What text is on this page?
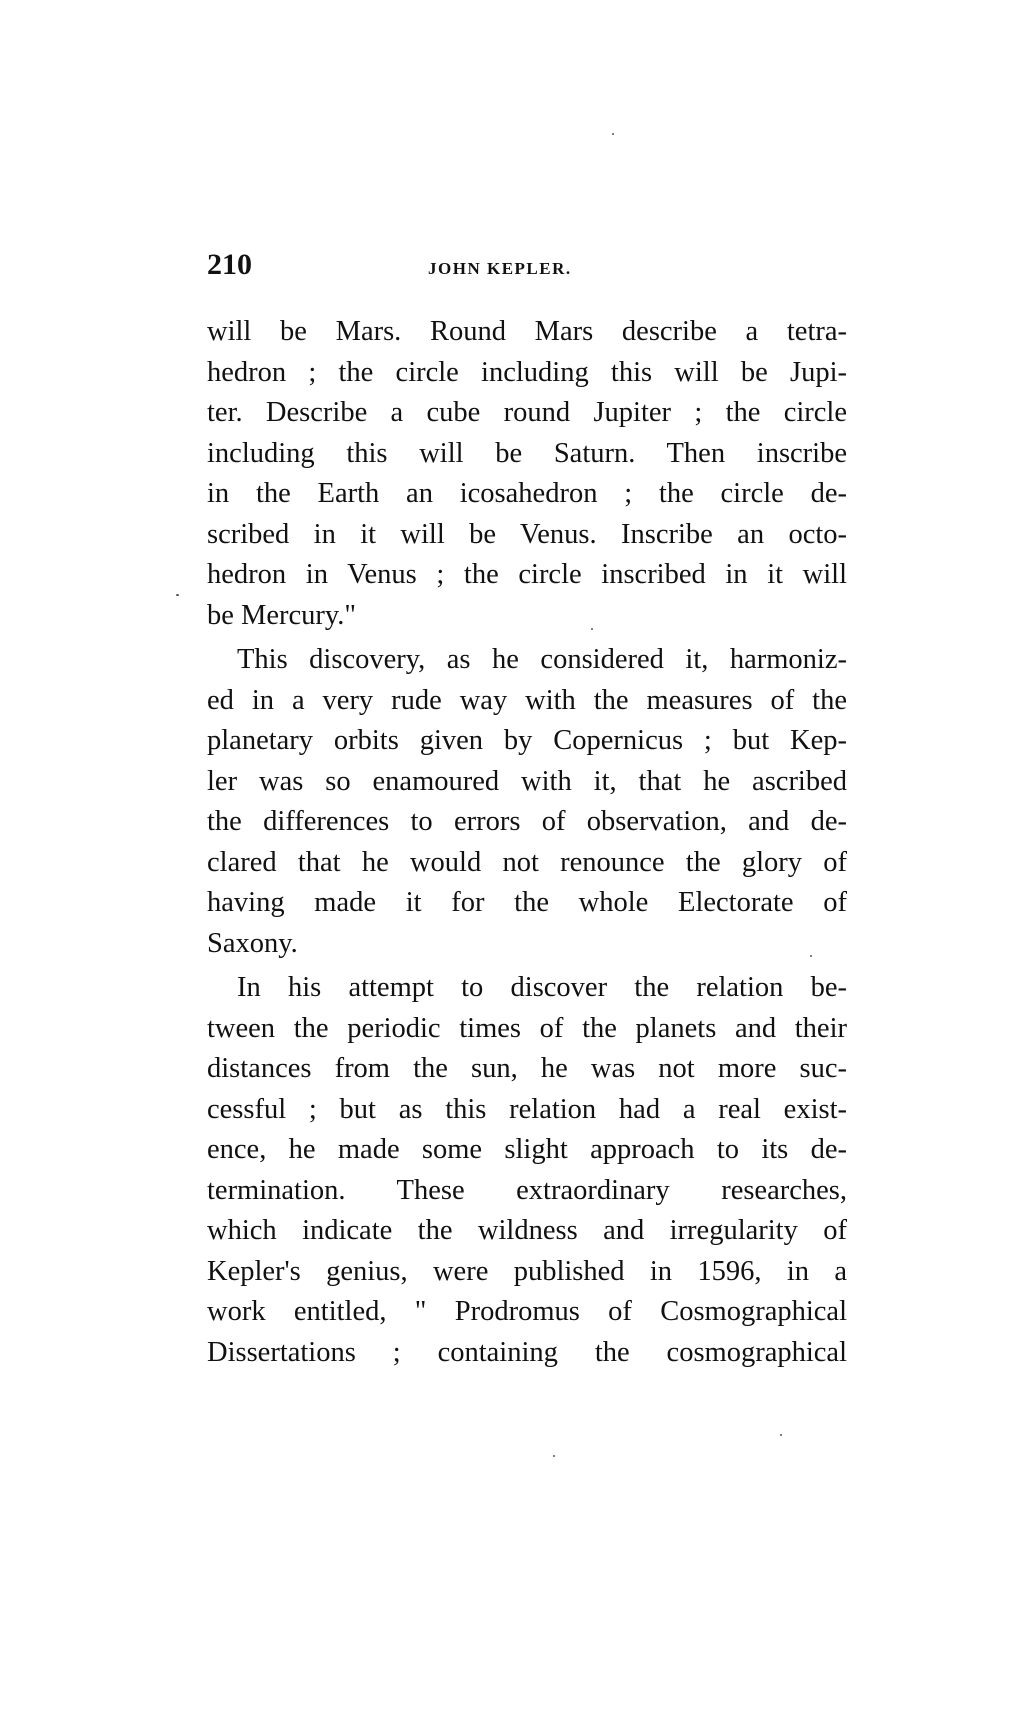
210	JOHN KEPLER.
will be Mars. Round Mars describe a tetra-
hedron ; the circle including this will be Jupi-
ter. Describe a cube round Jupiter ; the circle
including this will be Saturn. Then inscribe
in the Earth an icosahedron ; the circle de-
scribed in it will be Venus. Inscribe an octo-
hedron in Venus ; the circle inscribed in it will
be Mercury."
This discovery, as he considered it, harmoniz-
ed in a very rude way with the measures of the
planetary orbits given by Copernicus ; but Kep-
ler was so enamoured with it, that he ascribed
the differences to errors of observation, and de-
clared that he would not renounce the glory of
having made it for the whole Electorate of
Saxony.
In his attempt to discover the relation be-
tween the periodic times of the planets and their
distances from the sun, he was not more suc-
cessful ; but as this relation had a real exist-
ence, he made some slight approach to its de-
termination. These extraordinary researches,
which indicate the wildness and irregularity of
Kepler's genius, were published in 1596, in a
work entitled, " Prodromus of Cosmographical
Dissertations ; containing the cosmographical
